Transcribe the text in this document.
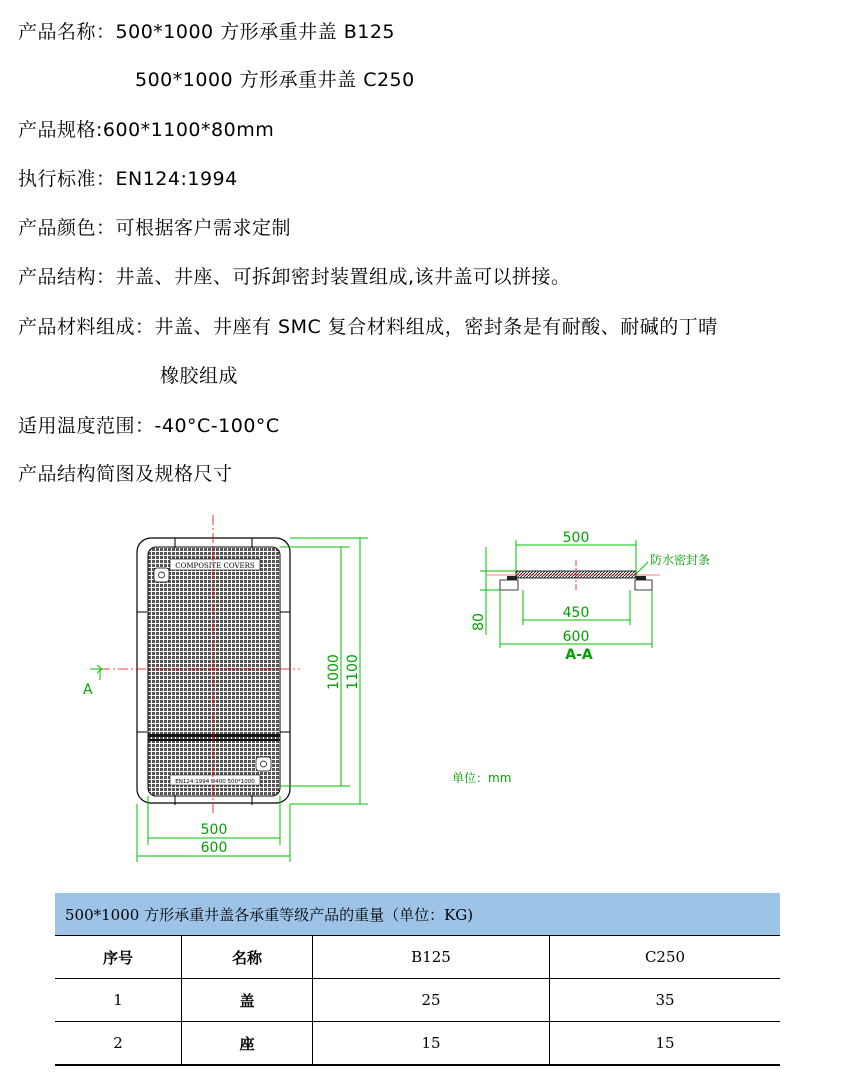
产品名称：500*1000 方形承重井盖 B125
500*1000 方形承重井盖 C250
产品规格:600*1100*80mm
执行标准：EN124:1994
产品颜色：可根据客户需求定制
产品结构：井盖、井座、可拆卸密封装置组成,该井盖可以拼接。
产品材料组成：井盖、井座有 SMC 复合材料组成，密封条是有耐酸、耐碱的丁晴
橡胶组成
适用温度范围：-40°C-100°C
产品结构简图及规格尺寸
COMPOSITE COVERS
EN124:1994 D400 500*1000
A
1000 1100
500
600
500
450
600
80
防水密封条
A-A
单位：mm
500*1000 方形承重井盖各承重等级产品的重量（单位：KG)			
序号	名称	B125	C250
1	盖	25	35
2	座	15	15
